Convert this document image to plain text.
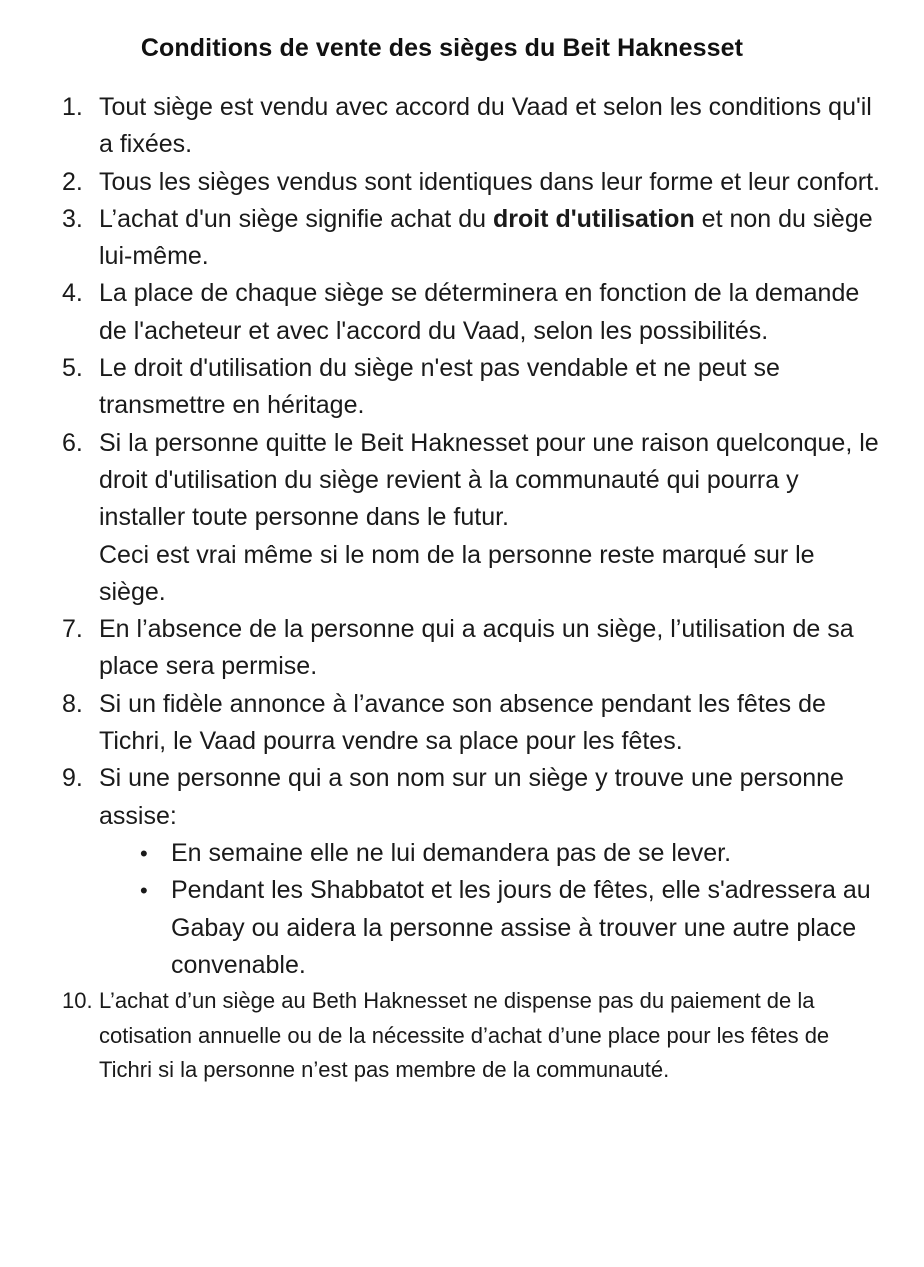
Conditions de vente des sièges du Beit Haknesset
1. Tout siège est vendu avec accord du Vaad et selon les conditions qu'il a fixées.
2. Tous les sièges vendus sont identiques dans leur forme et leur confort.
3. L’achat d'un siège signifie achat du droit d'utilisation et non du siège lui-même.
4. La place de chaque siège se déterminera en fonction de la demande de l'acheteur et avec l'accord du Vaad, selon les possibilités.
5. Le droit d'utilisation du siège n'est pas vendable et ne peut se transmettre en héritage.
6. Si la personne quitte le Beit Haknesset pour une raison quelconque, le droit d'utilisation du siège revient à la communauté qui pourra y installer toute personne dans le futur.
Ceci est vrai même si le nom de la personne reste marqué sur le siège.
7. En l’absence de la personne qui a acquis un siège, l’utilisation de sa place sera permise.
8. Si un fidèle annonce à l’avance son absence pendant les fêtes de Tichri, le Vaad pourra vendre sa place pour les fêtes.
9. Si une personne qui a son nom sur un siège y trouve une personne assise:
• En semaine elle ne lui demandera pas de se lever.
• Pendant les Shabbatot et les jours de fêtes, elle s'adressera au Gabay ou aidera la personne assise à trouver une autre place convenable.
10. L’achat d’un siège au Beth Haknesset ne dispense pas du paiement de la cotisation annuelle ou de la nécessite d’achat d’une place pour les fêtes de Tichri si la personne n’est pas membre de la communauté.
